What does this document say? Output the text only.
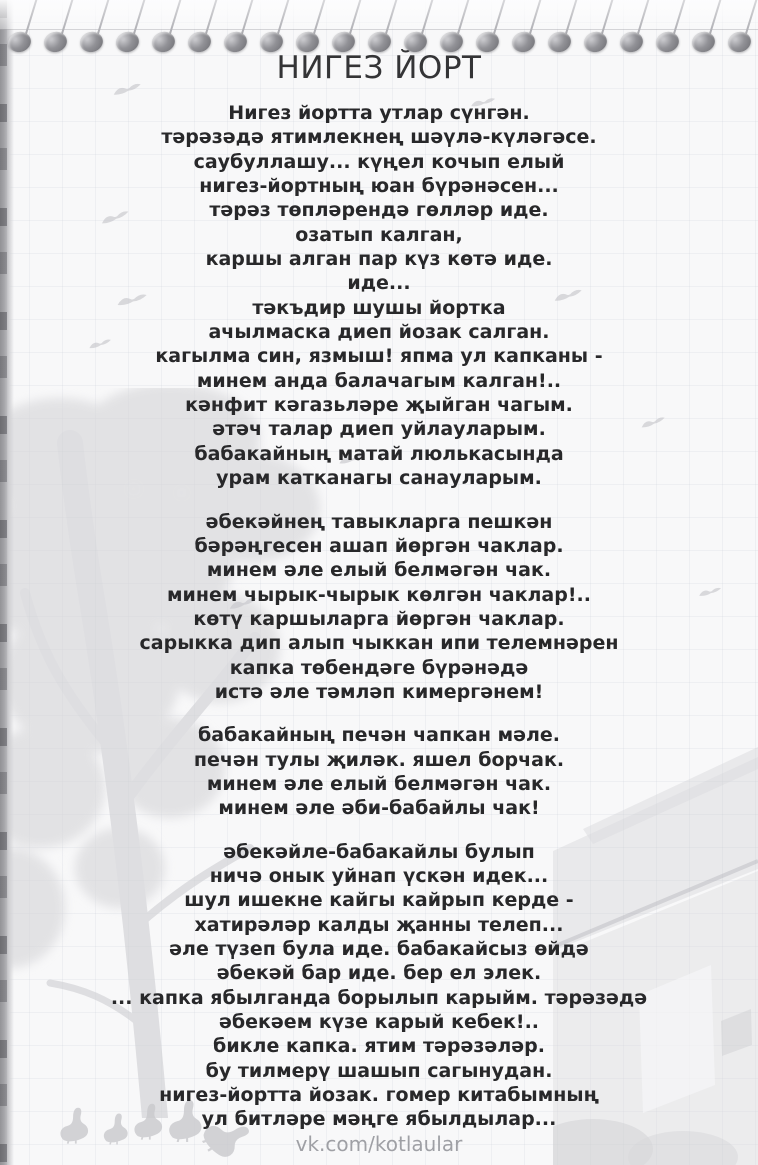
НИГЕЗ ЙОРТ
Нигез йортта утлар сүнгән.
тәрәзәдә ятимлекнең шәүлә-күләгәсе.
саубуллашу... күңел кочып елый
нигез-йортның юан бүрәнәсен...
тәрәз төпләрендә гөлләр иде.
озатып калган,
каршы алган пар күз көтә иде.
иде...
тәкъдир шушы йортка
ачылмаска диеп йозак салган.
кагылма син, язмыш! япма ул капканы -
минем анда балачагым калган!..
кәнфит кәгазьләре җыйган чагым.
әтәч талар диеп уйлауларым.
бабакайның матай люлькасында
урам катканагы санауларым.
әбекәйнең тавыкларга пешкән
бәрәңгесен ашап йөргән чаклар.
минем әле елый белмәгән чак.
минем чырык-чырык көлгән чаклар!..
көтү каршыларга йөргән чаклар.
сарыкка дип алып чыккан ипи телемнәрен
капка төбендәге бүрәнәдә
истә әле тәмләп кимергәнем!
бабакайның печән чапкан мәле.
печән тулы җиләк. яшел борчак.
минем әле елый белмәгән чак.
минем әле әби-бабайлы чак!
әбекәйле-бабакайлы булып
ничә онык уйнап үскән идек...
шул ишекне кайгы кайрып керде -
хатирәләр калды җанны телеп...
әле түзеп була иде. бабакайсыз өйдә
әбекәй бар иде. бер ел элек.
... капка ябылганда борылып карыйм. тәрәзәдә
әбекәем күзе карый кебек!..
бикле капка. ятим тәрәзәләр.
бу тилмерү шашып сагынудан.
нигез-йортта йозак. гомер китабымның
ул битләре мәңге ябылдылар...
vk.com/kotlaular
